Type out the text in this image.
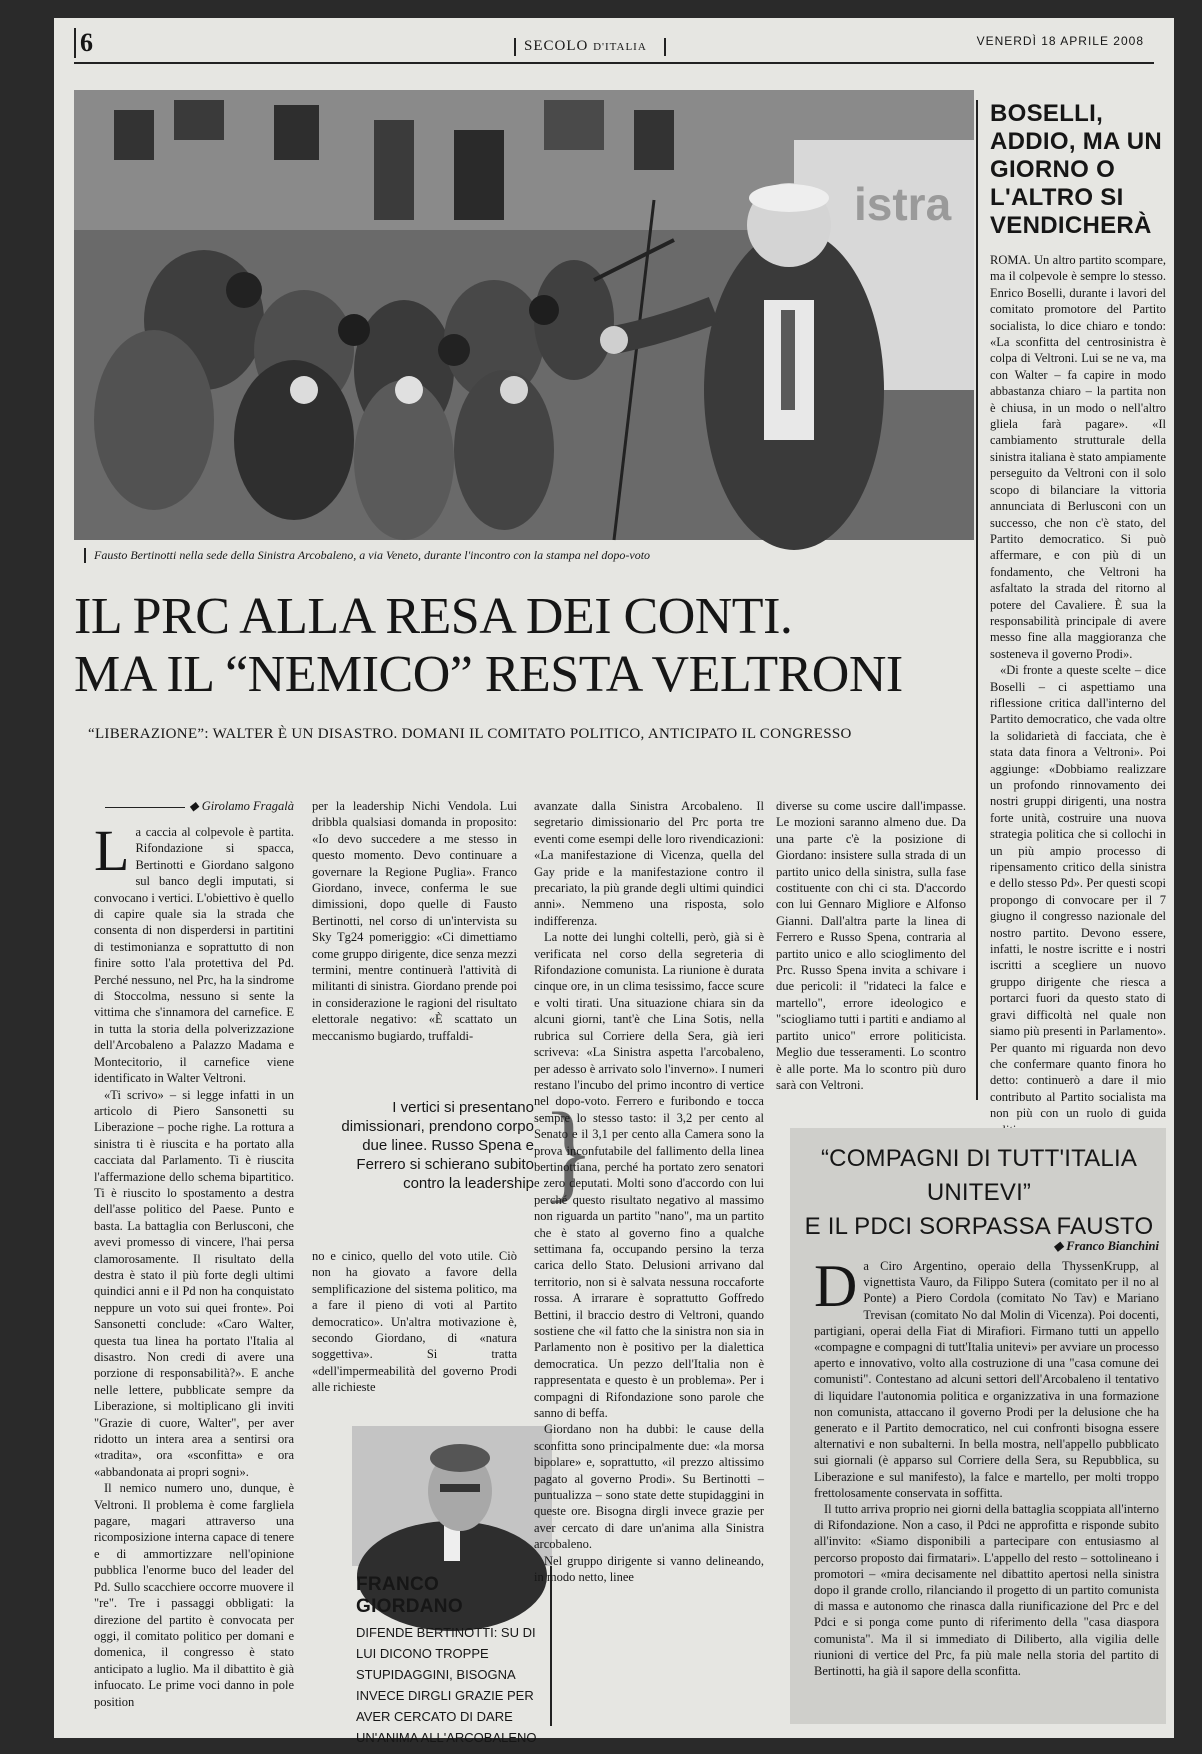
6	SECOLO D'ITALIA	VENERDÌ 18 APRILE 2008
istra
Fausto Bertinotti nella sede della Sinistra Arcobaleno, a via Veneto, durante l'incontro con la stampa nel dopo-voto
IL PRC ALLA RESA DEI CONTI.
MA IL “NEMICO” RESTA VELTRONI
“LIBERAZIONE”: WALTER È UN DISASTRO. DOMANI IL COMITATO POLITICO, ANTICIPATO IL CONGRESSO
◆ Girolamo Fragalà
L a caccia al colpevole è partita. Rifondazione si spacca, Bertinotti e Giordano salgono sul banco degli imputati, si convocano i vertici. L'obiettivo è quello di capire quale sia la strada che consenta di non disperdersi in partitini di testimonianza e soprattutto di non finire sotto l'ala protettiva del Pd. Perché nessuno, nel Prc, ha la sindrome di Stoccolma, nessuno si sente la vittima che s'innamora del carnefice. E in tutta la storia della polverizzazione dell'Arcobaleno a Palazzo Madama e Montecitorio, il carnefice viene identificato in Walter Veltroni.

«Ti scrivo» – si legge infatti in un articolo di Piero Sansonetti su Liberazione – poche righe. La rottura a sinistra ti è riuscita e ha portato alla cacciata dal Parlamento. Ti è riuscita l'affermazione dello schema bipartitico. Ti è riuscito lo spostamento a destra dell'asse politico del Paese. Punto e basta. La battaglia con Berlusconi, che avevi promesso di vincere, l'hai persa clamorosamente. Il risultato della destra è stato il più forte degli ultimi quindici anni e il Pd non ha conquistato neppure un voto sui quei fronte». Poi Sansonetti conclude: «Caro Walter, questa tua linea ha portato l'Italia al disastro. Non credi di avere una porzione di responsabilità?». E anche nelle lettere, pubblicate sempre da Liberazione, si moltiplicano gli inviti "Grazie di cuore, Walter", per aver ridotto un intera area a sentirsi ora «tradita», ora «sconfitta» e ora «abbandonata ai propri sogni».

Il nemico numero uno, dunque, è Veltroni. Il problema è come fargliela pagare, magari attraverso una ricomposizione interna capace di tenere e di ammortizzare nell'opinione pubblica l'enorme buco del leader del Pd. Sullo scacchiere occorre muovere il "re". Tre i passaggi obbligati: la direzione del partito è convocata per oggi, il comitato politico per domani e domenica, il congresso è stato anticipato a luglio. Ma il dibattito è già infuocato. Le prime voci danno in pole position

per la leadership Nichi Vendola. Lui dribbla qualsiasi domanda in proposito: «Io devo succedere a me stesso in questo momento. Devo continuare a governare la Regione Puglia». Franco Giordano, invece, conferma le sue dimissioni, dopo quelle di Fausto Bertinotti, nel corso di un'intervista su Sky Tg24 pomeriggio: «Ci dimettiamo come gruppo dirigente, dice senza mezzi termini, mentre continuerà l'attività di militanti di sinistra. Giordano prende poi in considerazione le ragioni del risultato elettorale negativo: «È scattato un meccanismo bugiardo, truffaldi-

I vertici si presentano dimissionari, prendono corpo due linee. Russo Spena e Ferrero si schierano subito contro la leadership }

no e cinico, quello del voto utile. Ciò non ha giovato a favore della semplificazione del sistema politico, ma a fare il pieno di voti al Partito democratico». Un'altra motivazione è, secondo Giordano, di «natura soggettiva». Si tratta «dell'impermeabilità del governo Prodi alle richieste

FRANCO GIORDANO
DIFENDE BERTINOTTI: SU DI LUI DICONO TROPPE STUPIDAGGINI, BISOGNA INVECE DIRGLI GRAZIE PER AVER CERCATO DI DARE UN'ANIMA ALL'ARCOBALENO

avanzate dalla Sinistra Arcobaleno. Il segretario dimissionario del Prc porta tre eventi come esempi delle loro rivendicazioni: «La manifestazione di Vicenza, quella del Gay pride e la manifestazione contro il precariato, la più grande degli ultimi quindici anni». Nemmeno una risposta, solo indifferenza.

La notte dei lunghi coltelli, però, già si è verificata nel corso della segreteria di Rifondazione comunista. La riunione è durata cinque ore, in un clima tesissimo, facce scure e volti tirati. Una situazione chiara sin da alcuni giorni, tant'è che Lina Sotis, nella rubrica sul Corriere della Sera, già ieri scriveva: «La Sinistra aspetta l'arcobaleno, per adesso è arrivato solo l'inverno». I numeri restano l'incubo del primo incontro di vertice nel dopo-voto. Ferrero e furibondo e tocca sempre lo stesso tasto: il 3,2 per cento al Senato e il 3,1 per cento alla Camera sono la prova inconfutabile del fallimento della linea bertinottiana, perché ha portato zero senatori e zero deputati. Molti sono d'accordo con lui perché questo risultato negativo al massimo non riguarda un partito "nano", ma un partito che è stato al governo fino a qualche settimana fa, occupando persino la terza carica dello Stato. Delusioni arrivano dal territorio, non si è salvata nessuna roccaforte rossa. A irrarare è soprattutto Goffredo Bettini, il braccio destro di Veltroni, quando sostiene che «il fatto che la sinistra non sia in Parlamento non è positivo per la dialettica democratica. Un pezzo dell'Italia non è rappresentata e questo è un problema». Per i compagni di Rifondazione sono parole che sanno di beffa.

Giordano non ha dubbi: le cause della sconfitta sono principalmente due: «la morsa bipolare» e, soprattutto, «il prezzo altissimo pagato al governo Prodi». Su Bertinotti – puntualizza – sono state dette stupidaggini in queste ore. Bisogna dirgli invece grazie per aver cercato di dare un'anima alla Sinistra arcobaleno.

Nel gruppo dirigente si vanno delineando, in modo netto, linee

diverse su come uscire dall'impasse. Le mozioni saranno almeno due. Da una parte c'è la posizione di Giordano: insistere sulla strada di un partito unico della sinistra, sulla fase costituente con chi ci sta. D'accordo con lui Gennaro Migliore e Alfonso Gianni. Dall'altra parte la linea di Ferrero e Russo Spena, contraria al partito unico e allo scioglimento del Prc. Russo Spena invita a schivare i due pericoli: il "ridateci la falce e martello", errore ideologico e "sciogliamo tutti i partiti e andiamo al partito unico" errore politicista. Meglio due tesseramenti. Lo scontro è alle porte. Ma lo scontro più duro sarà con Veltroni.

BOSELLI, ADDIO, MA UN GIORNO O L'ALTRO SI VENDICHERÀ

ROMA. Un altro partito scompare, ma il colpevole è sempre lo stesso. Enrico Boselli, durante i lavori del comitato promotore del Partito socialista, lo dice chiaro e tondo: «La sconfitta del centrosinistra è colpa di Veltroni. Lui se ne va, ma con Walter – fa capire in modo abbastanza chiaro – la partita non è chiusa, in un modo o nell'altro gliela farà pagare». «Il cambiamento strutturale della sinistra italiana è stato ampiamente perseguito da Veltroni con il solo scopo di bilanciare la vittoria annunciata di Berlusconi con un successo, che non c'è stato, del Partito democratico. Si può affermare, e con più di un fondamento, che Veltroni ha asfaltato la strada del ritorno al potere del Cavaliere. È sua la responsabilità principale di avere messo fine alla maggioranza che sosteneva il governo Prodi».

«Di fronte a queste scelte – dice Boselli – ci aspettiamo una riflessione critica dall'interno del Partito democratico, che vada oltre la solidarietà di facciata, che è stata data finora a Veltroni». Poi aggiunge: «Dobbiamo realizzare un profondo rinnovamento dei nostri gruppi dirigenti, una nostra forte unità, costruire una nuova strategia politica che si collochi in un più ampio processo di ripensamento critico della sinistra e dello stesso Pd». Per questi scopi propongo di convocare per il 7 giugno il congresso nazionale del nostro partito. Devono essere, infatti, le nostre iscritte e i nostri iscritti a scegliere un nuovo gruppo dirigente che riesca a portarci fuori da questo stato di gravi difficoltà nel quale non siamo più presenti in Parlamento». Per quanto mi riguarda non devo che confermare quanto finora ho detto: continuerò a dare il mio contributo al Partito socialista ma non più con un ruolo di guida

“COMPAGNI DI TUTT'ITALIA UNITEVI”
E IL PDCI SORPASSA FAUSTO
◆ Franco Bianchini
D a Ciro Argentino, operaio della ThyssenKrupp, al vignettista Vauro, da Filippo Sutera (comitato per il no al Ponte) a Piero Cordola (comitato No Tav) e Mariano Trevisan (comitato No dal Molin di Vicenza). Poi docenti, partigiani, operai della Fiat di Mirafiori. Firmano tutti un appello «compagne e compagni di tutt'Italia unitevi» per avviare un processo aperto e innovativo, volto alla costruzione di una "casa comune dei comunisti". Contestano ad alcuni settori dell'Arcobaleno il tentativo di liquidare l'autonomia politica e organizzativa in una formazione non comunista, attaccano il governo Prodi per la delusione che ha generato e il Partito democratico, nel cui confronti bisogna essere alternativi e non subalterni. In bella mostra, nell'appello pubblicato sui giornali (è apparso sul Corriere della Sera, su Repubblica, su Liberazione e sul manifesto), la falce e martello, per molti troppo frettolosamente conservata in soffitta.

Il tutto arriva proprio nei giorni della battaglia scoppiata all'interno di Rifondazione. Non a caso, il Pdci ne approfitta e risponde subito all'invito: «Siamo disponibili a partecipare con entusiasmo al percorso proposto dai firmatari». L'appello del resto – sottolineano i promotori – «mira decisamente nel dibattito apertosi nella sinistra dopo il grande crollo, rilanciando il progetto di un partito comunista di massa e autonomo che rinasca dalla riunificazione del Prc e del Pdci e si ponga come punto di riferimento della "casa diaspora comunista". Ma il si immediato di Diliberto, alla vigilia delle riunioni di vertice del Prc, fa più male nella storia del partito di Bertinotti, ha già il sapore della sconfitta.
